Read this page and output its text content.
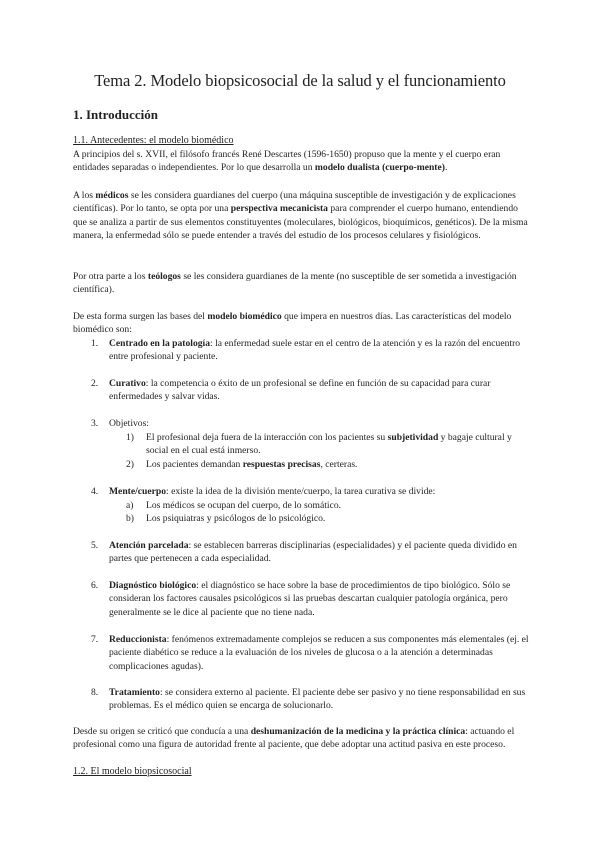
Tema 2. Modelo biopsicosocial de la salud y el funcionamiento
1. Introducción
1.1. Antecedentes: el modelo biomédico
A principios del s. XVII, el filósofo francés René Descartes (1596-1650) propuso que la mente y el cuerpo eran entidades separadas o independientes. Por lo que desarrolla un modelo dualista (cuerpo-mente).
A los médicos se les considera guardianes del cuerpo (una máquina susceptible de investigación y de explicaciones científicas). Por lo tanto, se opta por una perspectiva mecanicista para comprender el cuerpo humano, entendiendo que se analiza a partir de sus elementos constituyentes (moleculares, biológicos, bioquímicos, genéticos). De la misma manera, la enfermedad sólo se puede entender a través del estudio de los procesos celulares y fisiológicos.
Por otra parte a los teólogos se les considera guardianes de la mente (no susceptible de ser sometida a investigación científica).
De esta forma surgen las bases del modelo biomédico que impera en nuestros días. Las características del modelo biomédico son:
1. Centrado en la patología: la enfermedad suele estar en el centro de la atención y es la razón del encuentro entre profesional y paciente.
2. Curativo: la competencia o éxito de un profesional se define en función de su capacidad para curar enfermedades y salvar vidas.
3. Objetivos:
1) El profesional deja fuera de la interacción con los pacientes su subjetividad y bagaje cultural y social en el cual está inmerso.
2) Los pacientes demandan respuestas precisas, certeras.
4. Mente/cuerpo: existe la idea de la división mente/cuerpo, la tarea curativa se divide:
a) Los médicos se ocupan del cuerpo, de lo somático.
b) Los psiquiatras y psicólogos de lo psicológico.
5. Atención parcelada: se establecen barreras disciplinarias (especialidades) y el paciente queda dividido en partes que pertenecen a cada especialidad.
6. Diagnóstico biológico: el diagnóstico se hace sobre la base de procedimientos de tipo biológico. Sólo se consideran los factores causales psicológicos si las pruebas descartan cualquier patología orgánica, pero generalmente se le dice al paciente que no tiene nada.
7. Reduccionista: fenómenos extremadamente complejos se reducen a sus componentes más elementales (ej. el paciente diabético se reduce a la evaluación de los niveles de glucosa o a la atención a determinadas complicaciones agudas).
8. Tratamiento: se considera externo al paciente. El paciente debe ser pasivo y no tiene responsabilidad en sus problemas. Es el médico quien se encarga de solucionarlo.
Desde su origen se criticó que conducía a una deshumanización de la medicina y la práctica clínica: actuando el profesional como una figura de autoridad frente al paciente, que debe adoptar una actitud pasiva en este proceso.
1.2. El modelo biopsicosocial
